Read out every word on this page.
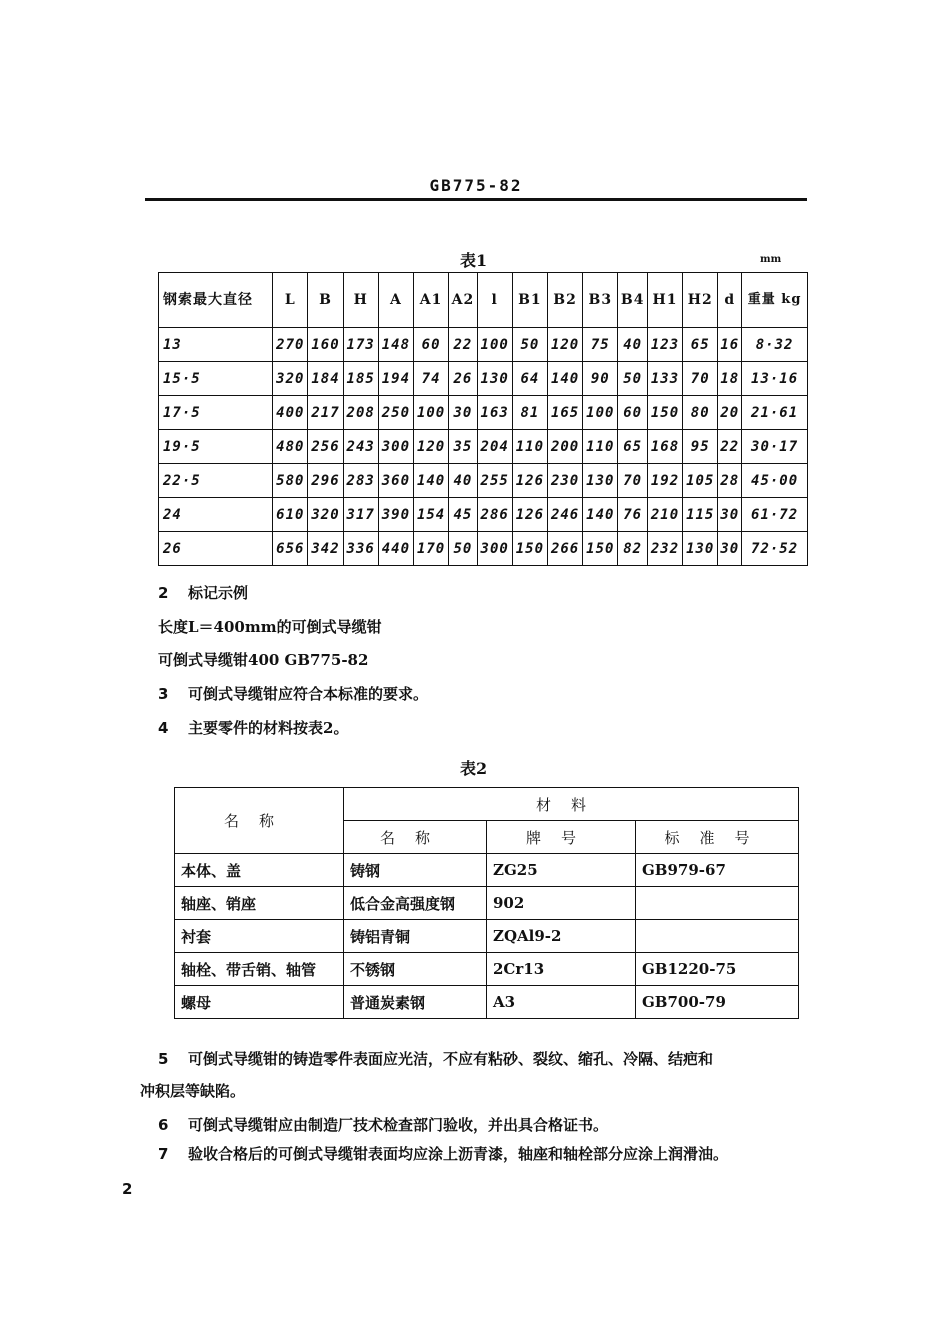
GB775-82
表1	mm
钢索最大直径	L	B	H	A	A1	A2	l	B1	B2	B3	B4	H1	H2	d	重量 kg
13	270	160	173	148	60	22	100	50	120	75	40	123	65	16	8·32
15·5	320	184	185	194	74	26	130	64	140	90	50	133	70	18	13·16
17·5	400	217	208	250	100	30	163	81	165	100	60	150	80	20	21·61
19·5	480	256	243	300	120	35	204	110	200	110	65	168	95	22	30·17
22·5	580	296	283	360	140	40	255	126	230	130	70	192	105	28	45·00
24	610	320	317	390	154	45	286	126	246	140	76	210	115	30	61·72
26	656	342	336	440	170	50	300	150	266	150	82	232	130	30	72·52
2 标记示例
长度L＝400mm的可倒式导缆钳
可倒式导缆钳400 GB775-82
3 可倒式导缆钳应符合本标准的要求。
4 主要零件的材料按表2。
表2
名称	材料		
	名称	牌号	标准号
本体、盖	铸钢	ZG25	GB979-67
轴座、销座	低合金高强度钢	902	
衬套	铸铝青铜	ZQAl9-2	
轴栓、带舌销、轴管	不锈钢	2Cr13	GB1220-75
螺母	普通炭素钢	A3	GB700-79
5 可倒式导缆钳的铸造零件表面应光洁，不应有粘砂、裂纹、缩孔、冷隔、结疤和
冲积层等缺陷。
6 可倒式导缆钳应由制造厂技术检查部门验收，并出具合格证书。
7 验收合格后的可倒式导缆钳表面均应涂上沥青漆，轴座和轴栓部分应涂上润滑油。
2
